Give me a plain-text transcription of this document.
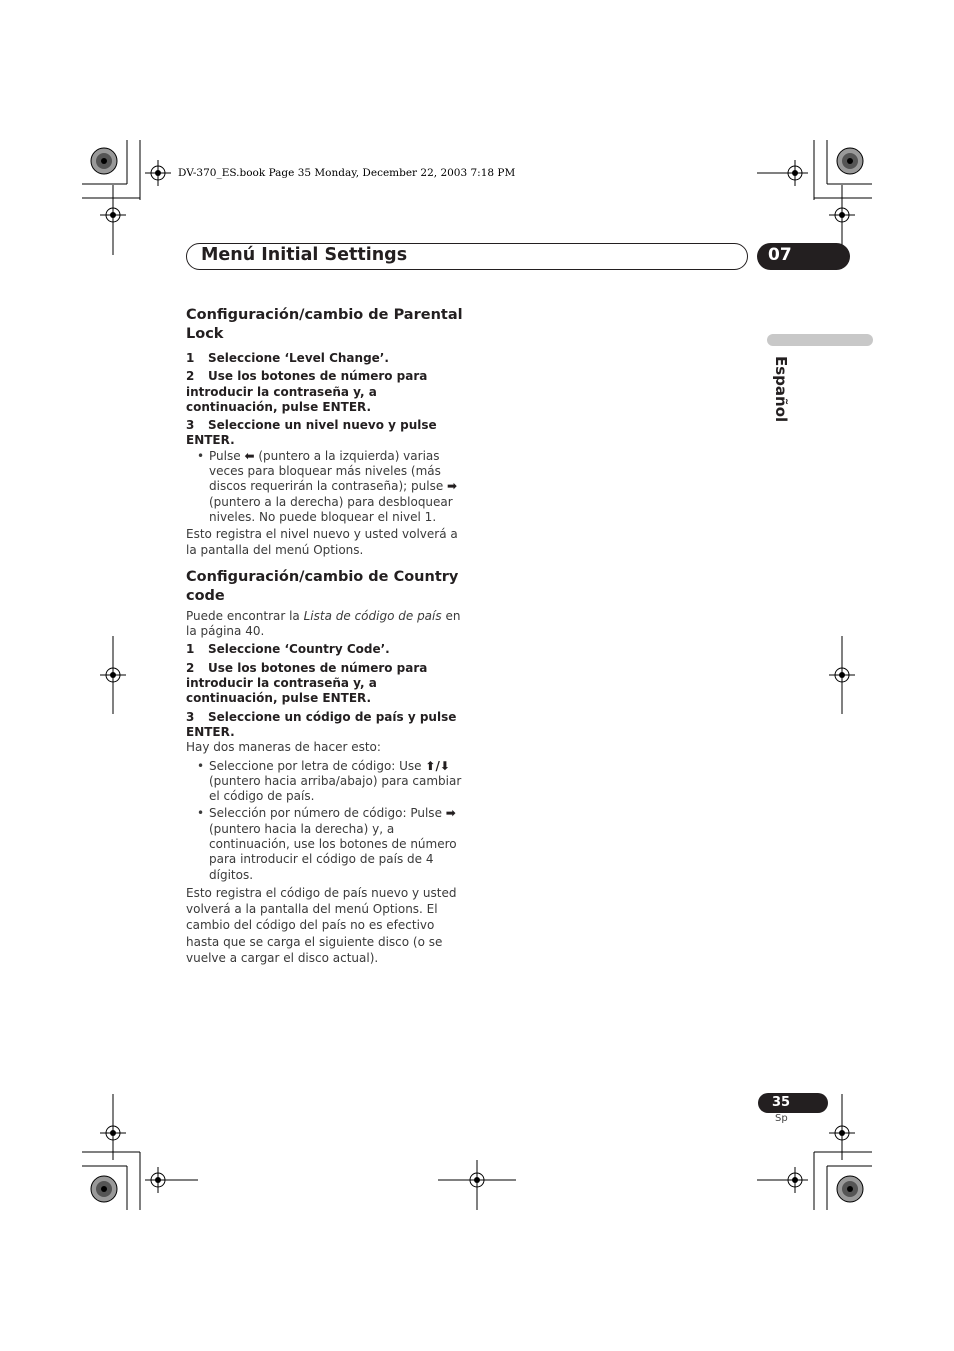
DV-370_ES.book Page 35 Monday, December 22, 2003 7:18 PM
Menú Initial Settings	07
Español
Configuración/cambio de Parental Lock

1 Seleccione ‘Level Change’.

2 Use los botones de número para introducir la contraseña y, a continuación, pulse ENTER.

3 Seleccione un nivel nuevo y pulse ENTER.

• Pulse ⬅ (puntero a la izquierda) varias veces para bloquear más niveles (más discos requerirán la contraseña); pulse ➡ (puntero a la derecha) para desbloquear niveles. No puede bloquear el nivel 1.

Esto registra el nivel nuevo y usted volverá a la pantalla del menú Options.

Configuración/cambio de Country code

Puede encontrar la Lista de código de país en la página 40.

1 Seleccione ‘Country Code’.

2 Use los botones de número para introducir la contraseña y, a continuación, pulse ENTER.

3 Seleccione un código de país y pulse ENTER.

Hay dos maneras de hacer esto:

• Seleccione por letra de código: Use ⬆/⬇ (puntero hacia arriba/abajo) para cambiar el código de país.

• Selección por número de código: Pulse ➡ (puntero hacia la derecha) y, a continuación, use los botones de número para introducir el código de país de 4 dígitos.

Esto registra el código de país nuevo y usted volverá a la pantalla del menú Options. El cambio del código del país no es efectivo hasta que se carga el siguiente disco (o se vuelve a cargar el disco actual).

35
Sp
